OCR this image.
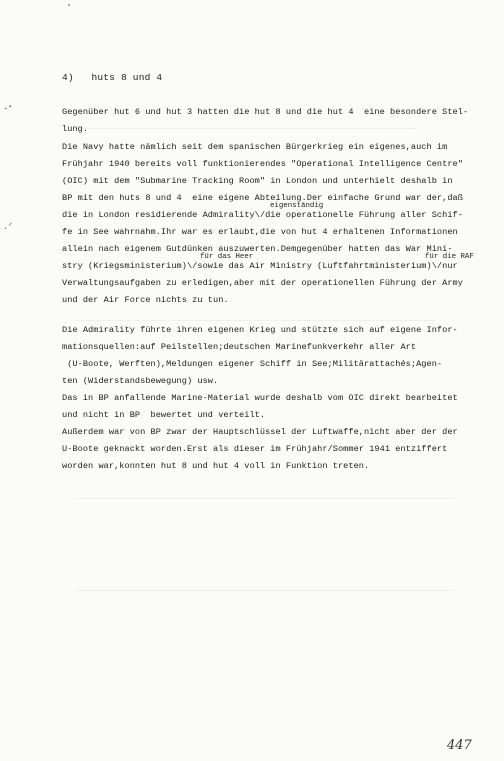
-ᐩ
.ᐟ
4)   huts 8 und 4
Gegenüber hut 6 und hut 3 hatten die hut 8 und die hut 4  eine besondere Stel-
lung.
Die Navy hatte nämlich seit dem spanischen Bürgerkrieg ein eigenes,auch im
Frühjahr 1940 bereits voll funktionierendes "Operational Intelligence Centre"
(OIC) mit dem "Submarine Tracking Room" in London und unterhielt deshalb in
BP mit den huts 8 und 4  eine eigene Abteilung.Der einfache Grund war der,daß
eigenständig
die in London residierende Admirality\/die operationelle Führung aller Schif-
fe in See wahrnahm.Ihr war es erlaubt,die von hut 4 erhaltenen Informationen
allein nach eigenem Gutdünken auszuwerten.Demgegenüber hatten das War Mini-
für das Heer	für die RAF
stry (Kriegsministerium)\/sowie das Air Ministry (Luftfahrtministerium)\/nur
Verwaltungsaufgaben zu erledigen,aber mit der operationellen Führung der Army
und der Air Force nichts zu tun.
Die Admirality führte ihren eigenen Krieg und stützte sich auf eigene Infor-
mationsquellen:auf Peilstellen;deutschen Marinefunkverkehr aller Art
(U-Boote, Werften),Meldungen eigener Schiff in See;Militärattachés;Agen-
ten (Widerstandsbewegung) usw.
Das in BP anfallende Marine-Material wurde deshalb vom OIC direkt bearbeitet
und nicht in BP  bewertet und verteilt.
Außerdem war von BP zwar der Hauptschlüssel der Luftwaffe,nicht aber der der
U-Boote geknackt worden.Erst als dieser im Frühjahr/Sommer 1941 entziffert
worden war,konnten hut 8 und hut 4 voll in Funktion treten.
447
